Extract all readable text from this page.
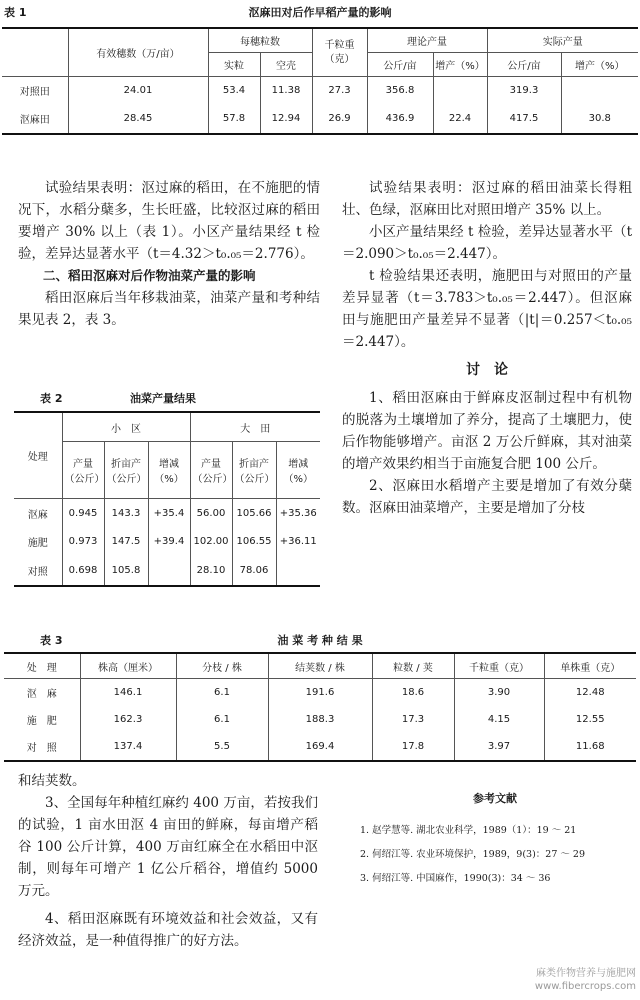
表 1	沤麻田对后作早稻产量的影响
	有效穗数（万/亩）	每穗粒数		千粒重
（克）	理论产量		实际产量	
		实粒	空壳		公斤/亩	增产（%）	公斤/亩	增产（%）
对照田	24.01	53.4	11.38	27.3	356.8		319.3	
沤麻田	28.45	57.8	12.94	26.9	436.9	22.4	417.5	30.8

试验结果表明：沤过麻的稻田，在不施肥的情况下，水稻分蘖多，生长旺盛，比较沤过麻的稻田要增产 30% 以上（表 1）。小区产量结果经 t 检验，差异达显著水平（t＝4.32＞t₀.₀₅＝2.776）。

二、稻田沤麻对后作物油菜产量的影响

稻田沤麻后当年移栽油菜，油菜产量和考种结果见表 2，表 3。

表 2	油菜产量结果
处理	小　区			大　田		
	产量（公斤）	折亩产（公斤）	增减（%）	产量（公斤）	折亩产（公斤）	增减（%）
沤麻	0.945	143.3	+35.4	56.00	105.66	+35.36
施肥	0.973	147.5	+39.4	102.00	106.55	+36.11
对照	0.698	105.8		28.10	78.06	

试验结果表明：沤过麻的稻田油菜长得粗壮、色绿，沤麻田比对照田增产 35% 以上。

小区产量结果经 t 检验，差异达显著水平（t＝2.090＞t₀.₀₅＝2.447）。

t 检验结果还表明，施肥田与对照田的产量差异显著（t＝3.783＞t₀.₀₅＝2.447）。但沤麻田与施肥田产量差异不显著（|t|＝0.257＜t₀.₀₅＝2.447）。

讨　论

1、稻田沤麻由于鲜麻皮沤制过程中有机物的脱落为土壤增加了养分，提高了土壤肥力，使后作物能够增产。亩沤 2 万公斤鲜麻，其对油菜的增产效果约相当于亩施复合肥 100 公斤。

2、沤麻田水稻增产主要是增加了有效分蘖数。沤麻田油菜增产，主要是增加了分枝

表 3	油 菜 考 种 结 果
处　理	株高（厘米）	分枝 / 株	结荚数 / 株	粒数 / 荚	千粒重（克）	单株重（克）
沤　麻	146.1	6.1	191.6	18.6	3.90	12.48
施　肥	162.3	6.1	188.3	17.3	4.15	12.55
对　照	137.4	5.5	169.4	17.8	3.97	11.68

和结荚数。

3、全国每年种植红麻约 400 万亩，若按我们的试验，1 亩水田沤 4 亩田的鲜麻，每亩增产稻谷 100 公斤计算，400 万亩红麻全在水稻田中沤制，则每年可增产 1 亿公斤稻谷，增值约 5000 万元。

4、稻田沤麻既有环境效益和社会效益，又有经济效益，是一种值得推广的好方法。

参考文献
1. 赵学慧等. 湖北农业科学，1989（1）：19 ～ 21
2. 何绍江等. 农业环境保护，1989，9(3)：27 ～ 29
3. 何绍江等. 中国麻作，1990(3)：34 ～ 36
麻类作物营养与施肥网
www.fibercrops.com
